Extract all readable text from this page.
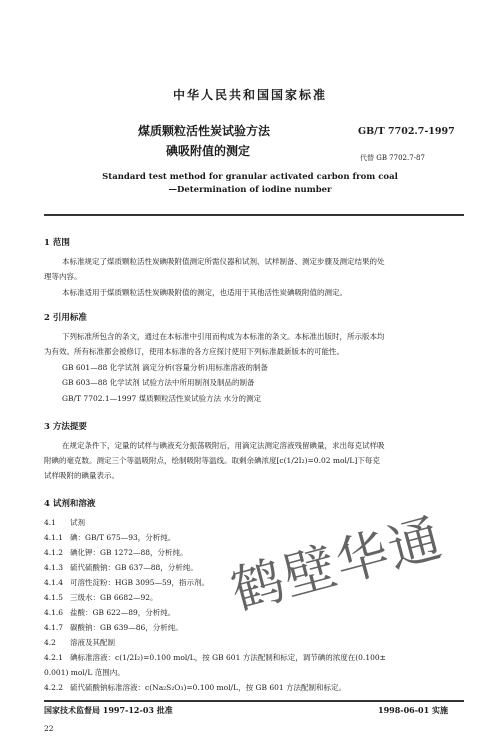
中华人民共和国国家标准
煤质颗粒活性炭试验方法
碘吸附值的测定
GB/T 7702.7-1997
代替 GB 7702.7-87
Standard test method for granular activated carbon from coal
—Determination of iodine number
1 范围
本标准规定了煤质颗粒活性炭碘吸附值测定所需仪器和试剂、试样制备、测定步骤及测定结果的处
理等内容。
本标准适用于煤质颗粒活性炭碘吸附值的测定，也适用于其他活性炭碘吸附值的测定。
2 引用标准
下列标准所包含的条文，通过在本标准中引用而构成为本标准的条文。本标准出版时，所示版本均
为有效。所有标准都会被修订，使用本标准的各方应探讨使用下列标准最新版本的可能性。
GB 601—88 化学试剂 滴定分析(容量分析)用标准溶液的制备
GB 603—88 化学试剂 试验方法中所用制剂及制品的制备
GB/T 7702.1—1997 煤质颗粒活性炭试验方法 水分的测定
3 方法提要
在规定条件下，定量的试样与碘液充分振荡吸附后，用滴定法测定溶液残留碘量，求出每克试样吸
附碘的毫克数。测定三个等温吸附点，绘制吸附等温线。取剩余碘浓度[c(1/2I₂)=0.02 mol/L]下每克
试样吸附的碘量表示。
4 试剂和溶液
4.1 试剂
4.1.1 碘：GB/T 675—93，分析纯。
4.1.2 碘化钾：GB 1272—88，分析纯。
4.1.3 硫代硫酸钠：GB 637—88，分析纯。
4.1.4 可溶性淀粉：HGB 3095—59，指示剂。
4.1.5 三级水：GB 6682—92。
4.1.6 盐酸：GB 622—89，分析纯。
4.1.7 碳酸钠：GB 639—86，分析纯。
4.2 溶液及其配制
4.2.1 碘标准溶液：c(1/2I₂)=0.100 mol/L，按 GB 601 方法配制和标定，调节碘的浓度在(0.100±
0.001) mol/L 范围内。
4.2.2 硫代硫酸钠标准溶液：c(Na₂S₂O₃)=0.100 mol/L，按 GB 601 方法配制和标定。
鹤壁华通
国家技术监督局 1997-12-03 批准	1998-06-01 实施
22
